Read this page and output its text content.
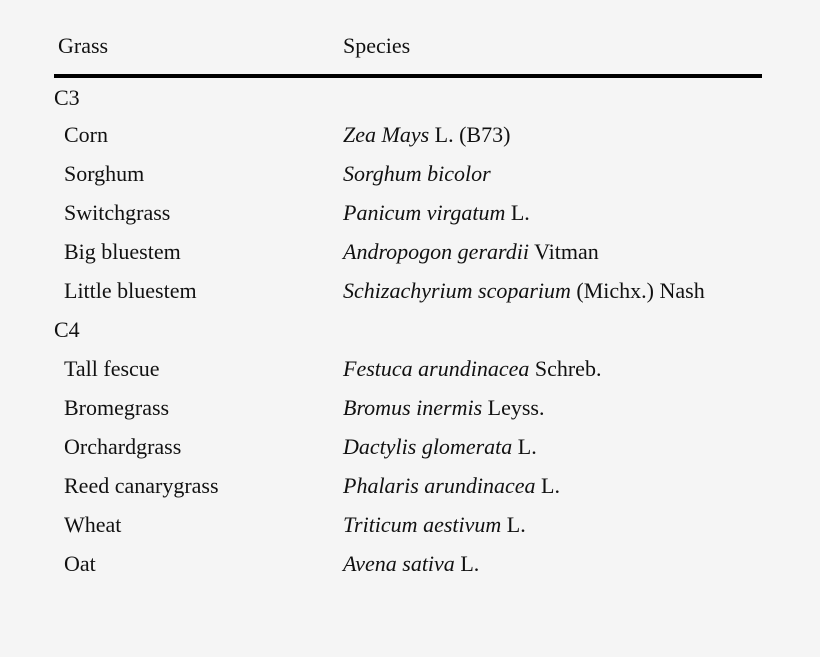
Grass	Species
C3	
Corn	Zea Mays L. (B73)
Sorghum	Sorghum bicolor
Switchgrass	Panicum virgatum L.
Big bluestem	Andropogon gerardii Vitman
Little bluestem	Schizachyrium scoparium (Michx.) Nash
C4	
Tall fescue	Festuca arundinacea Schreb.
Bromegrass	Bromus inermis Leyss.
Orchardgrass	Dactylis glomerata L.
Reed canarygrass	Phalaris arundinacea L.
Wheat	Triticum aestivum L.
Oat	Avena sativa L.
